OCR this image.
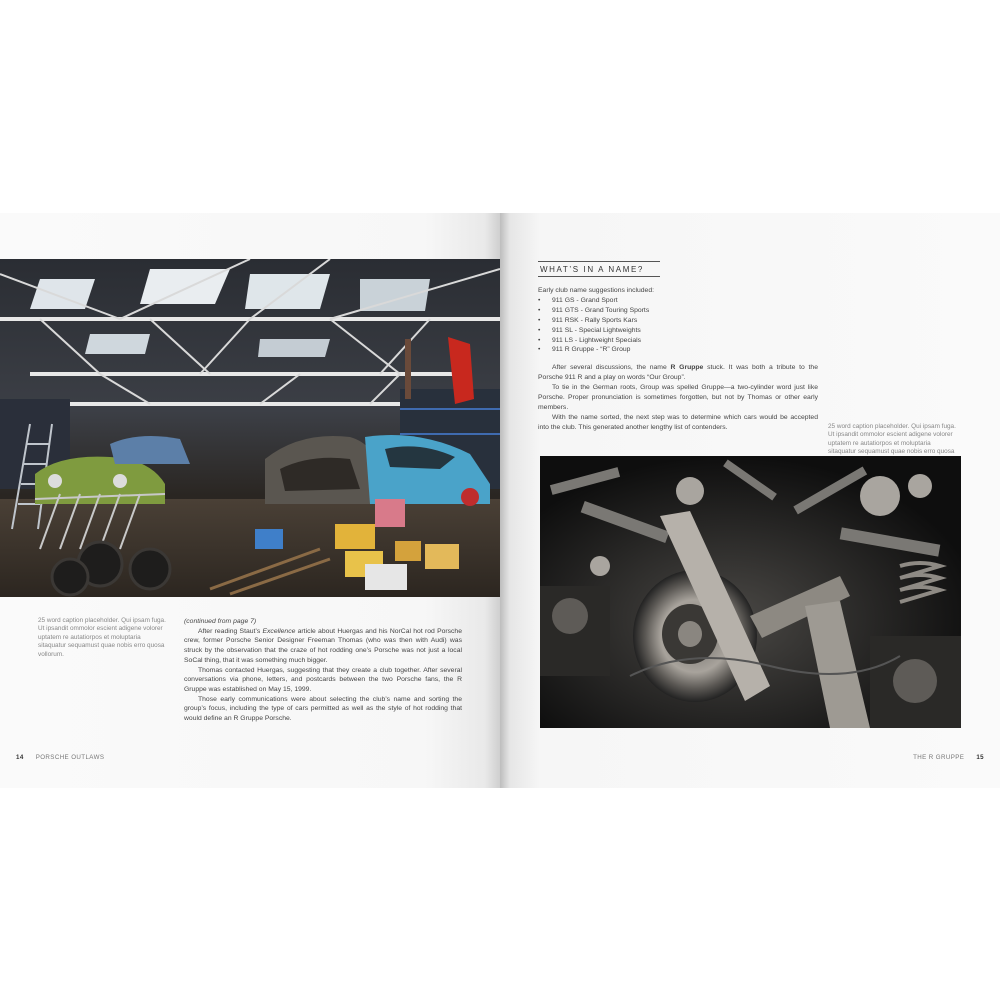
25 word caption placeholder. Qui ipsam fuga. Ut ipsandit ommolor escient adigene volorer uptatem re autatiorpos et moluptaria sitaquatur sequamust quae nobis erro quosa vollorum.

(continued from page 7)

After reading Staut’s Excellence article about Huergas and his NorCal hot rod Porsche crew, former Porsche Senior Designer Freeman Thomas (who was then with Audi) was struck by the observation that the craze of hot rodding one’s Porsche was not just a local SoCal thing, that it was something much bigger.

Thomas contacted Huergas, suggesting that they create a club together. After several conversations via phone, letters, and postcards between the two Porsche fans, the R Gruppe was established on May 15, 1999.

Those early communications were about selecting the club’s name and sorting the group’s focus, including the type of cars permitted as well as the style of hot rodding that would define an R Gruppe Porsche.

14 PORSCHE OUTLAWS
WHAT’S IN A NAME?

Early club name suggestions included:

• 911 GS - Grand Sport
• 911 GTS - Grand Touring Sports
• 911 RSK - Rally Sports Kars
• 911 SL - Special Lightweights
• 911 LS - Lightweight Specials
• 911 R Gruppe - “R” Group

After several discussions, the name R Gruppe stuck. It was both a tribute to the Porsche 911 R and a play on words “Our Group”.

To tie in the German roots, Group was spelled Gruppe—a two-cylinder word just like Porsche. Proper pronunciation is sometimes forgotten, but not by Thomas or other early members.

With the name sorted, the next step was to determine which cars would be accepted into the club. This generated another lengthy list of contenders.	25 word caption placeholder. Qui ipsam fuga. Ut ipsandit ommolor escient adigene volorer uptatem re autatiorpos et moluptaria sitaquatur sequamust quae nobis erro quosa
THE R GRUPPE 15
